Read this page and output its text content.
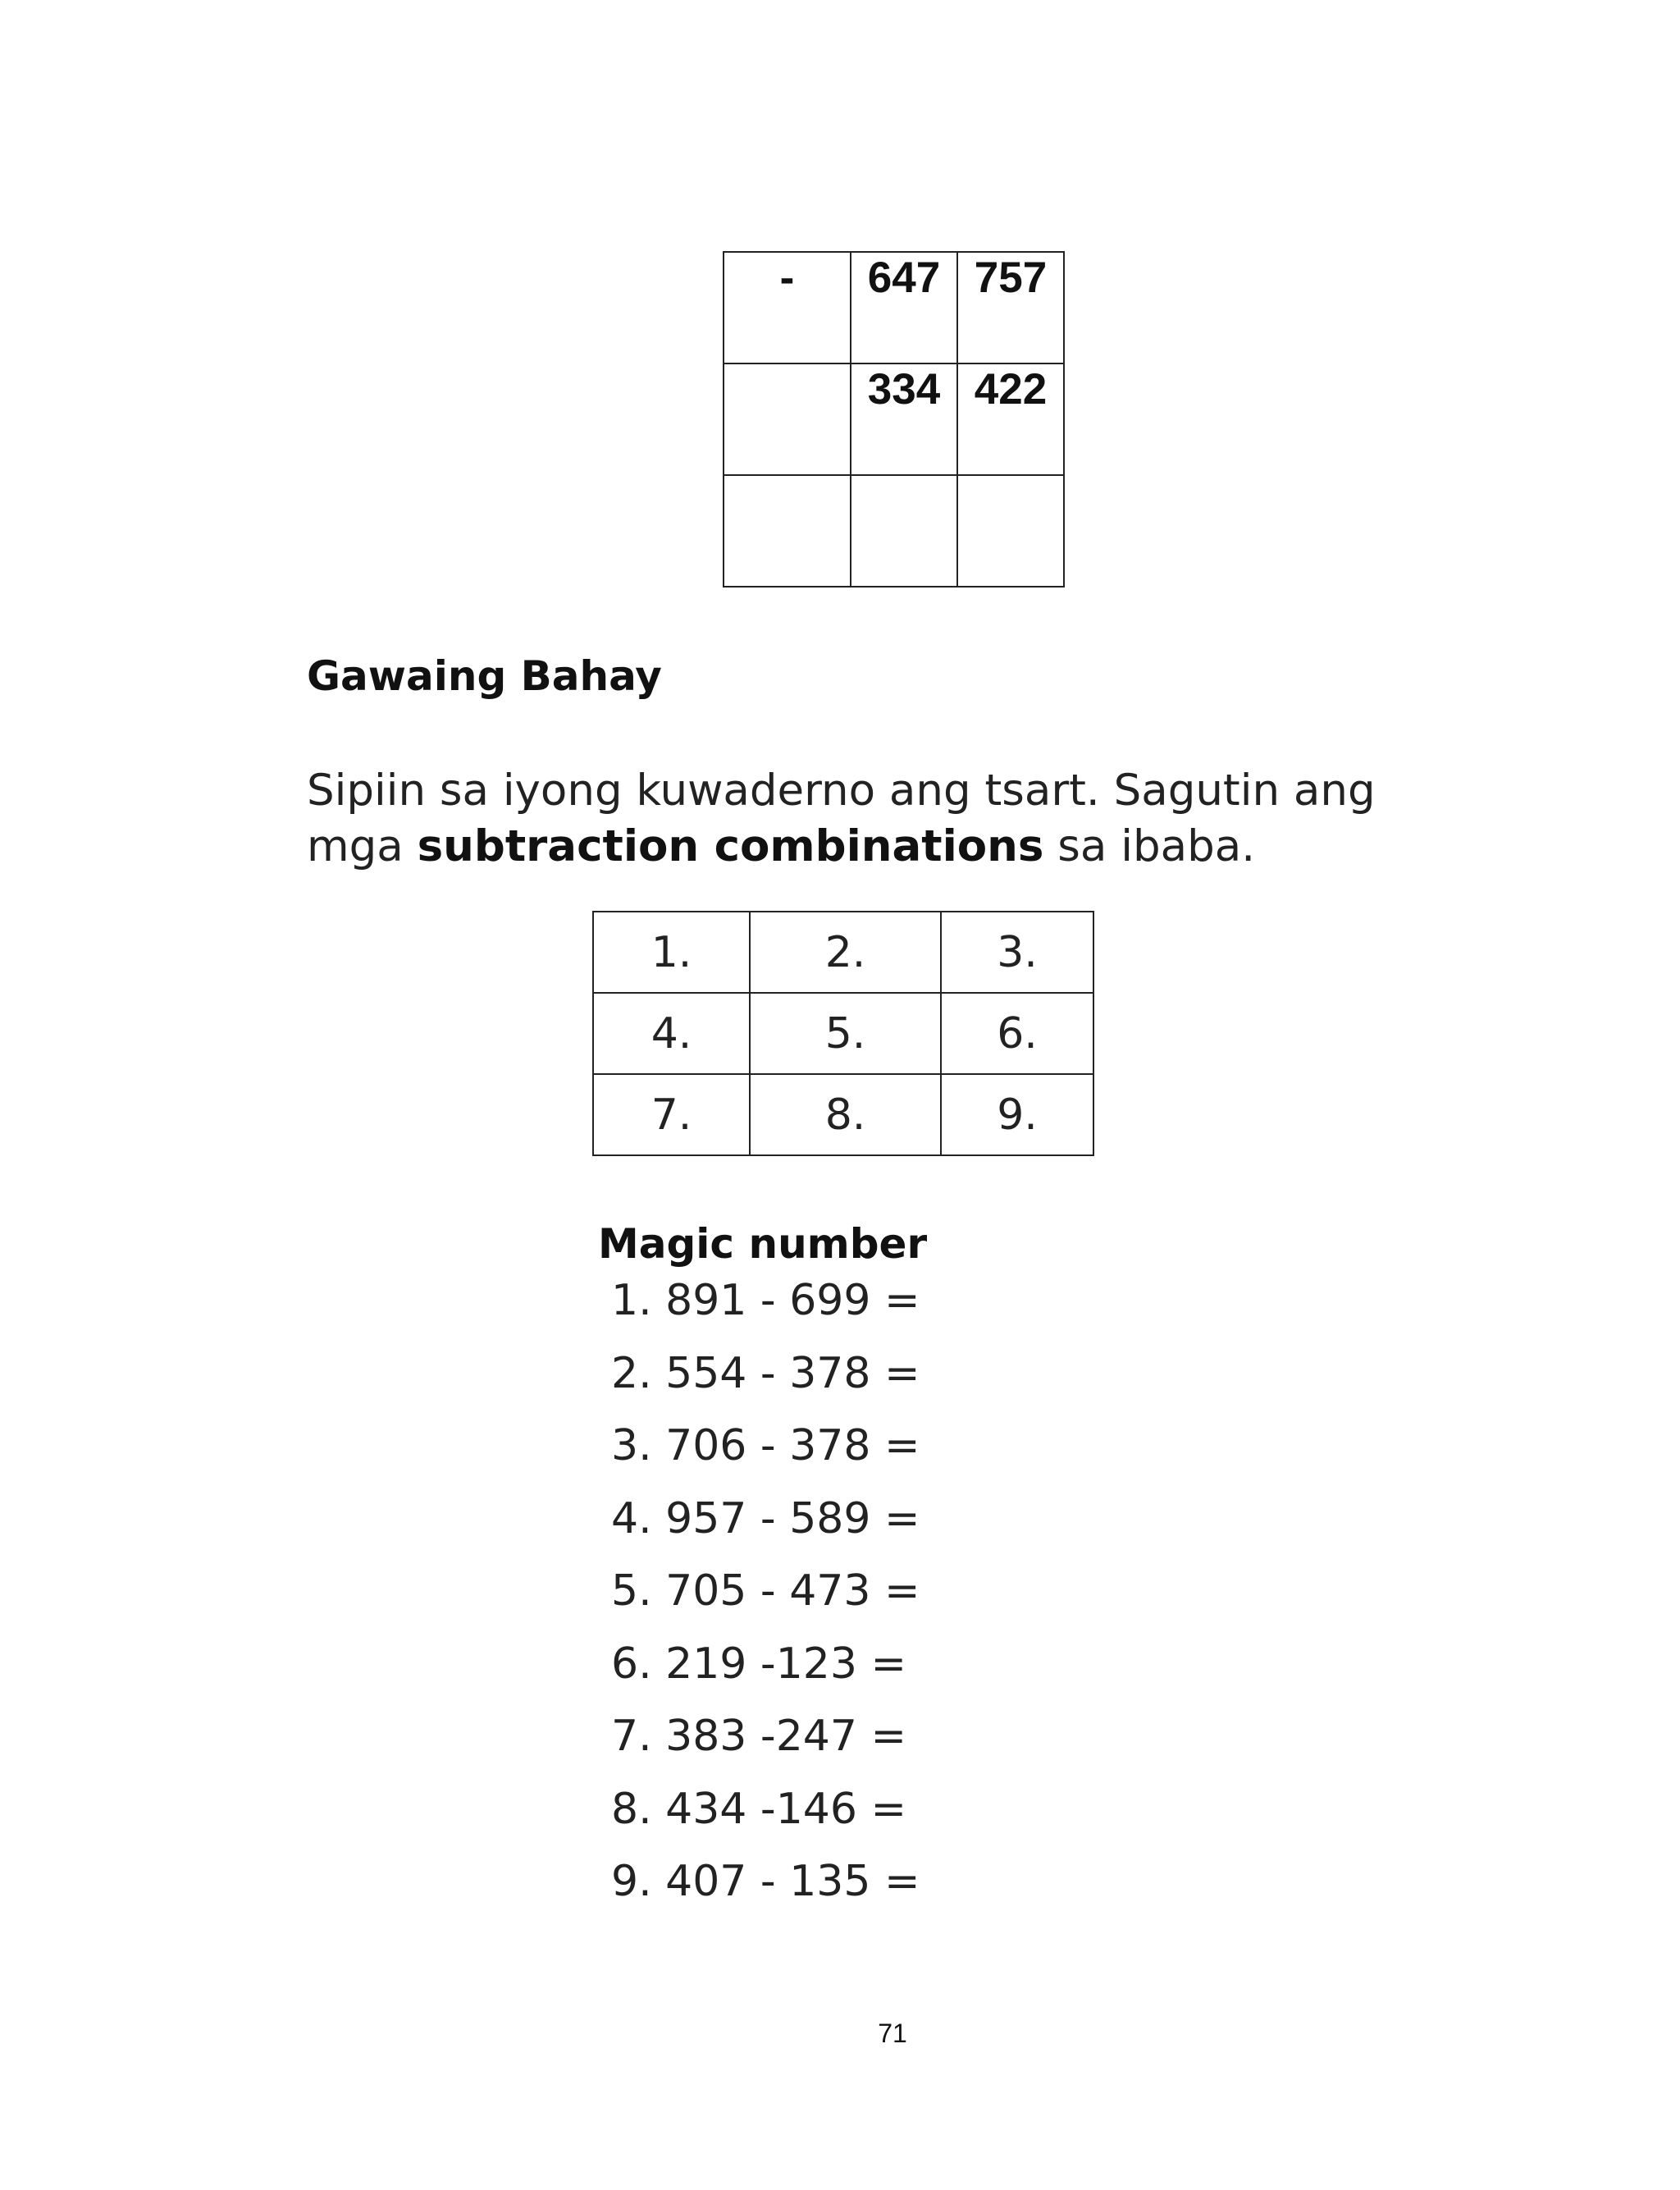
-	647	757

	334	422

Gawaing Bahay

Sipiin sa iyong kuwaderno ang tsart. Sagutin ang mga subtraction combinations sa ibaba.

1.	2.	3.
4.	5.	6.
7.	8.	9.
Magic number
1. 891 - 699 =
2. 554 - 378 =
3. 706 - 378 =
4. 957 - 589 =
5. 705 - 473 =
6. 219 -123 =
7. 383 -247 =
8. 434 -146 =
9. 407 - 135 =
71
